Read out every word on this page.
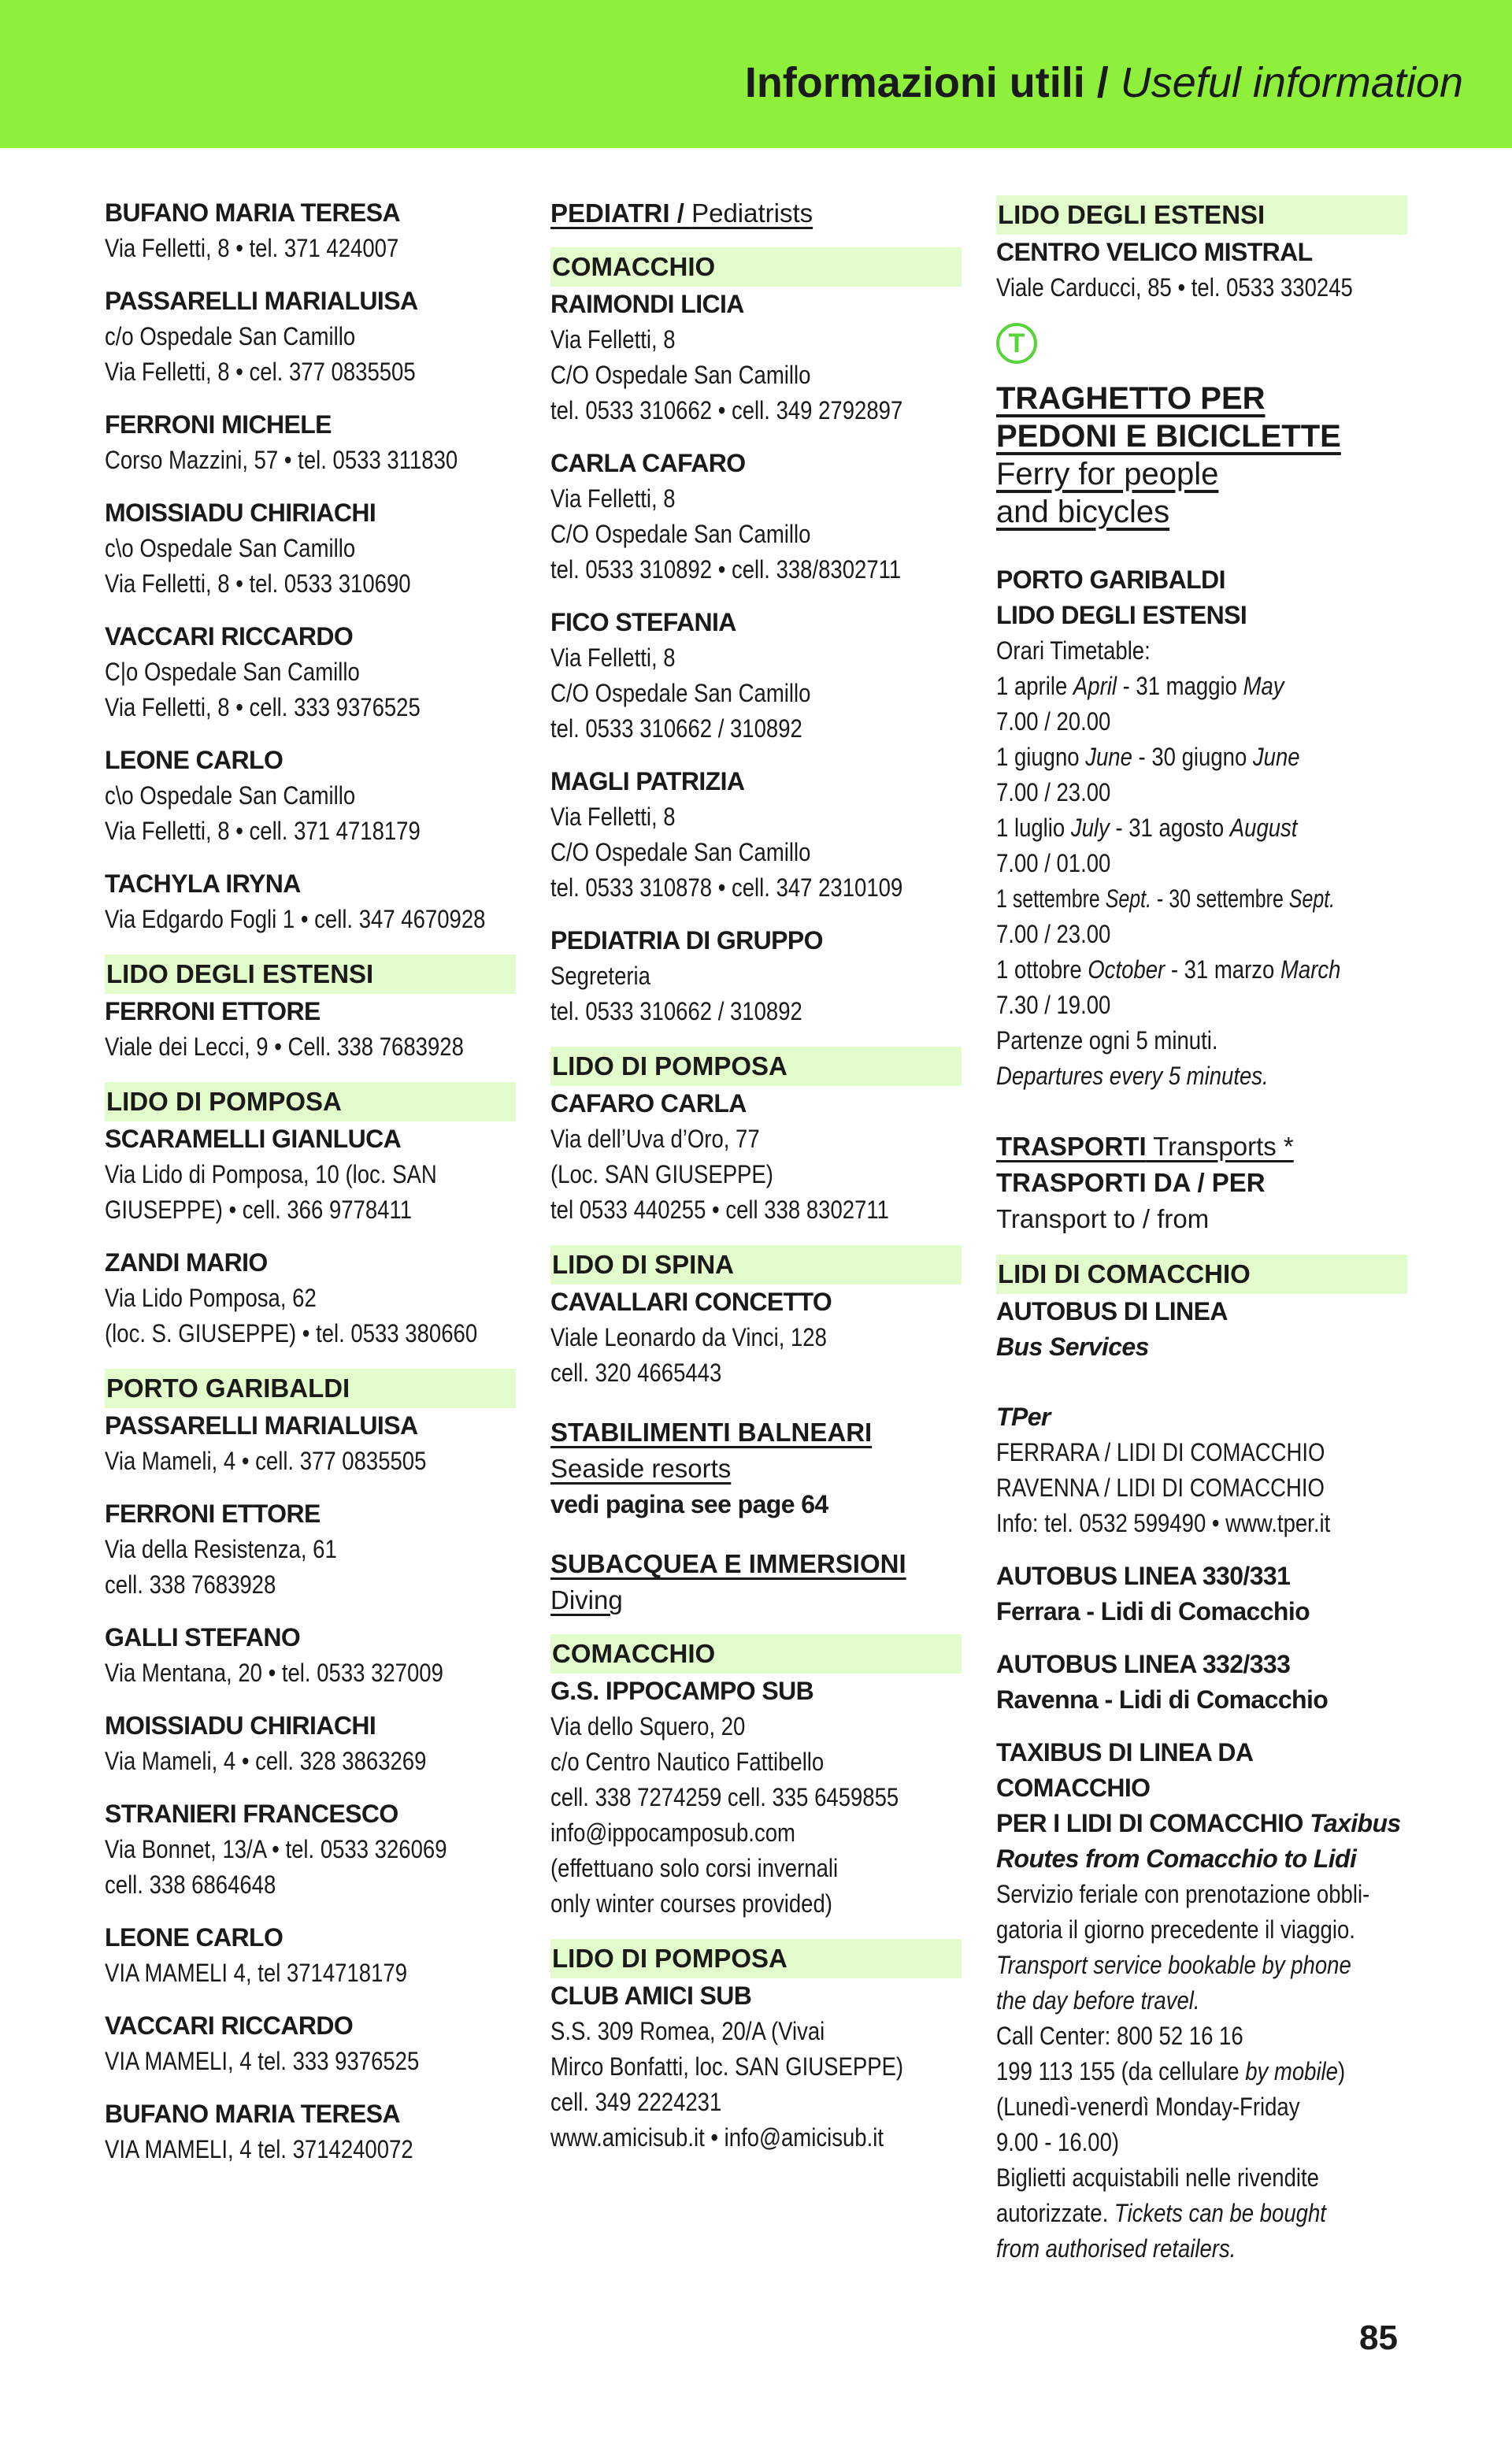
Informazioni utili / Useful information

BUFANO MARIA TERESA

Via Felletti, 8 • tel. 371 424007

PASSARELLI MARIALUISA

c/o Ospedale San Camillo

Via Felletti, 8 • cel. 377 0835505

FERRONI MICHELE

Corso Mazzini, 57 • tel. 0533 311830

MOISSIADU CHIRIACHI

c\o Ospedale San Camillo

Via Felletti, 8 • tel. 0533 310690

VACCARI RICCARDO

C|o Ospedale San Camillo

Via Felletti, 8 • cell. 333 9376525

LEONE CARLO

c\o Ospedale San Camillo

Via Felletti, 8 • cell. 371 4718179

TACHYLA IRYNA

Via Edgardo Fogli 1 • cell. 347 4670928

LIDO DEGLI ESTENSI

FERRONI ETTORE

Viale dei Lecci, 9 • Cell. 338 7683928

LIDO DI POMPOSA

SCARAMELLI GIANLUCA

Via Lido di Pomposa, 10 (loc. SAN

GIUSEPPE) • cell. 366 9778411

ZANDI MARIO

Via Lido Pomposa, 62

(loc. S. GIUSEPPE) • tel. 0533 380660

PORTO GARIBALDI

PASSARELLI MARIALUISA

Via Mameli, 4 • cell. 377 0835505

FERRONI ETTORE

Via della Resistenza, 61

cell. 338 7683928

GALLI STEFANO

Via Mentana, 20 • tel. 0533 327009

MOISSIADU CHIRIACHI

Via Mameli, 4 • cell. 328 3863269

STRANIERI FRANCESCO

Via Bonnet, 13/A • tel. 0533 326069

cell. 338 6864648

LEONE CARLO

VIA MAMELI 4, tel 3714718179

VACCARI RICCARDO

VIA MAMELI, 4 tel. 333 9376525

BUFANO MARIA TERESA

VIA MAMELI, 4 tel. 3714240072

PEDIATRI / Pediatrists

COMACCHIO

RAIMONDI LICIA

Via Felletti, 8

C/O Ospedale San Camillo

tel. 0533 310662 • cell. 349 2792897

CARLA CAFARO

Via Felletti, 8

C/O Ospedale San Camillo

tel. 0533 310892 • cell. 338/8302711

FICO STEFANIA

Via Felletti, 8

C/O Ospedale San Camillo

tel. 0533 310662 / 310892

MAGLI PATRIZIA

Via Felletti, 8

C/O Ospedale San Camillo

tel. 0533 310878 • cell. 347 2310109

PEDIATRIA DI GRUPPO

Segreteria

tel. 0533 310662 / 310892

LIDO DI POMPOSA

CAFARO CARLA

Via dell’Uva d’Oro, 77

(Loc. SAN GIUSEPPE)

tel 0533 440255 • cell 338 8302711

LIDO DI SPINA

CAVALLARI CONCETTO

Viale Leonardo da Vinci, 128

cell. 320 4665443

STABILIMENTI BALNEARI

Seaside resorts

vedi pagina see page 64

SUBACQUEA E IMMERSIONI

Diving

COMACCHIO

G.S. IPPOCAMPO SUB

Via dello Squero, 20

c/o Centro Nautico Fattibello

cell. 338 7274259 cell. 335 6459855

info@ippocamposub.com

(effettuano solo corsi invernali

only winter courses provided)

LIDO DI POMPOSA

CLUB AMICI SUB

S.S. 309 Romea, 20/A (Vivai

Mirco Bonfatti, loc. SAN GIUSEPPE)

cell. 349 2224231

www.amicisub.it • info@amicisub.it

LIDO DEGLI ESTENSI

CENTRO VELICO MISTRAL

Viale Carducci, 85 • tel. 0533 330245

T

TRAGHETTO PER

PEDONI E BICICLETTE

Ferry for people

and bicycles

PORTO GARIBALDI

LIDO DEGLI ESTENSI

Orari Timetable:

1 aprile April - 31 maggio May

7.00 / 20.00

1 giugno June - 30 giugno June

7.00 / 23.00

1 luglio July - 31 agosto August

7.00 / 01.00

1 settembre Sept. - 30 settembre Sept.

7.00 / 23.00

1 ottobre October - 31 marzo March

7.30 / 19.00

Partenze ogni 5 minuti.

Departures every 5 minutes.

TRASPORTI Transports *

TRASPORTI DA / PER

Transport to / from

LIDI DI COMACCHIO

AUTOBUS DI LINEA

Bus Services

TPer

FERRARA / LIDI DI COMACCHIO

RAVENNA / LIDI DI COMACCHIO

Info: tel. 0532 599490 • www.tper.it

AUTOBUS LINEA 330/331

Ferrara - Lidi di Comacchio

AUTOBUS LINEA 332/333

Ravenna - Lidi di Comacchio

TAXIBUS DI LINEA DA COMACCHIO

PER I LIDI DI COMACCHIO Taxibus

Routes from Comacchio to Lidi

Servizio feriale con prenotazione obbli-

gatoria il giorno precedente il viaggio.

Transport service bookable by phone

the day before travel.

Call Center: 800 52 16 16

199 113 155 (da cellulare by mobile)

(Lunedì-venerdì Monday-Friday

9.00 - 16.00)

Biglietti acquistabili nelle rivendite

autorizzate. Tickets can be bought

from authorised retailers.

85
